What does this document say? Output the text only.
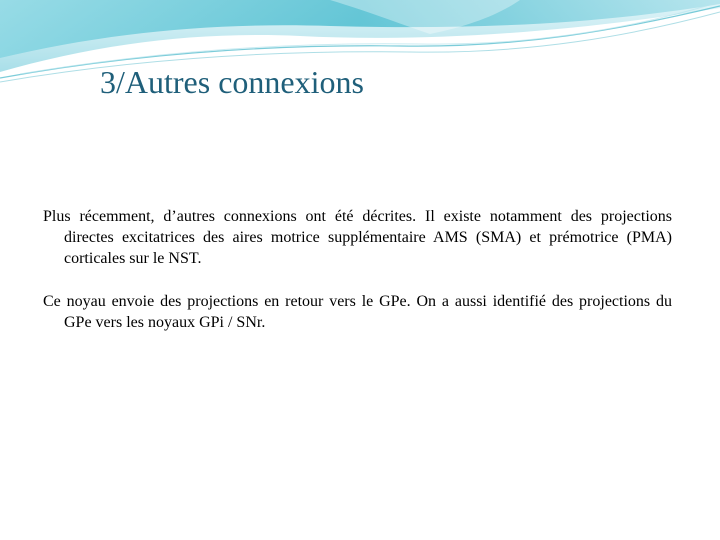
3/Autres connexions

Plus récemment, d’autres connexions ont été décrites. Il existe notamment des projections directes excitatrices des aires motrice supplémentaire AMS (SMA) et prémotrice (PMA) corticales sur le NST.

Ce noyau envoie des projections en retour vers le GPe. On a aussi identifié des projections du GPe vers les noyaux GPi / SNr.
